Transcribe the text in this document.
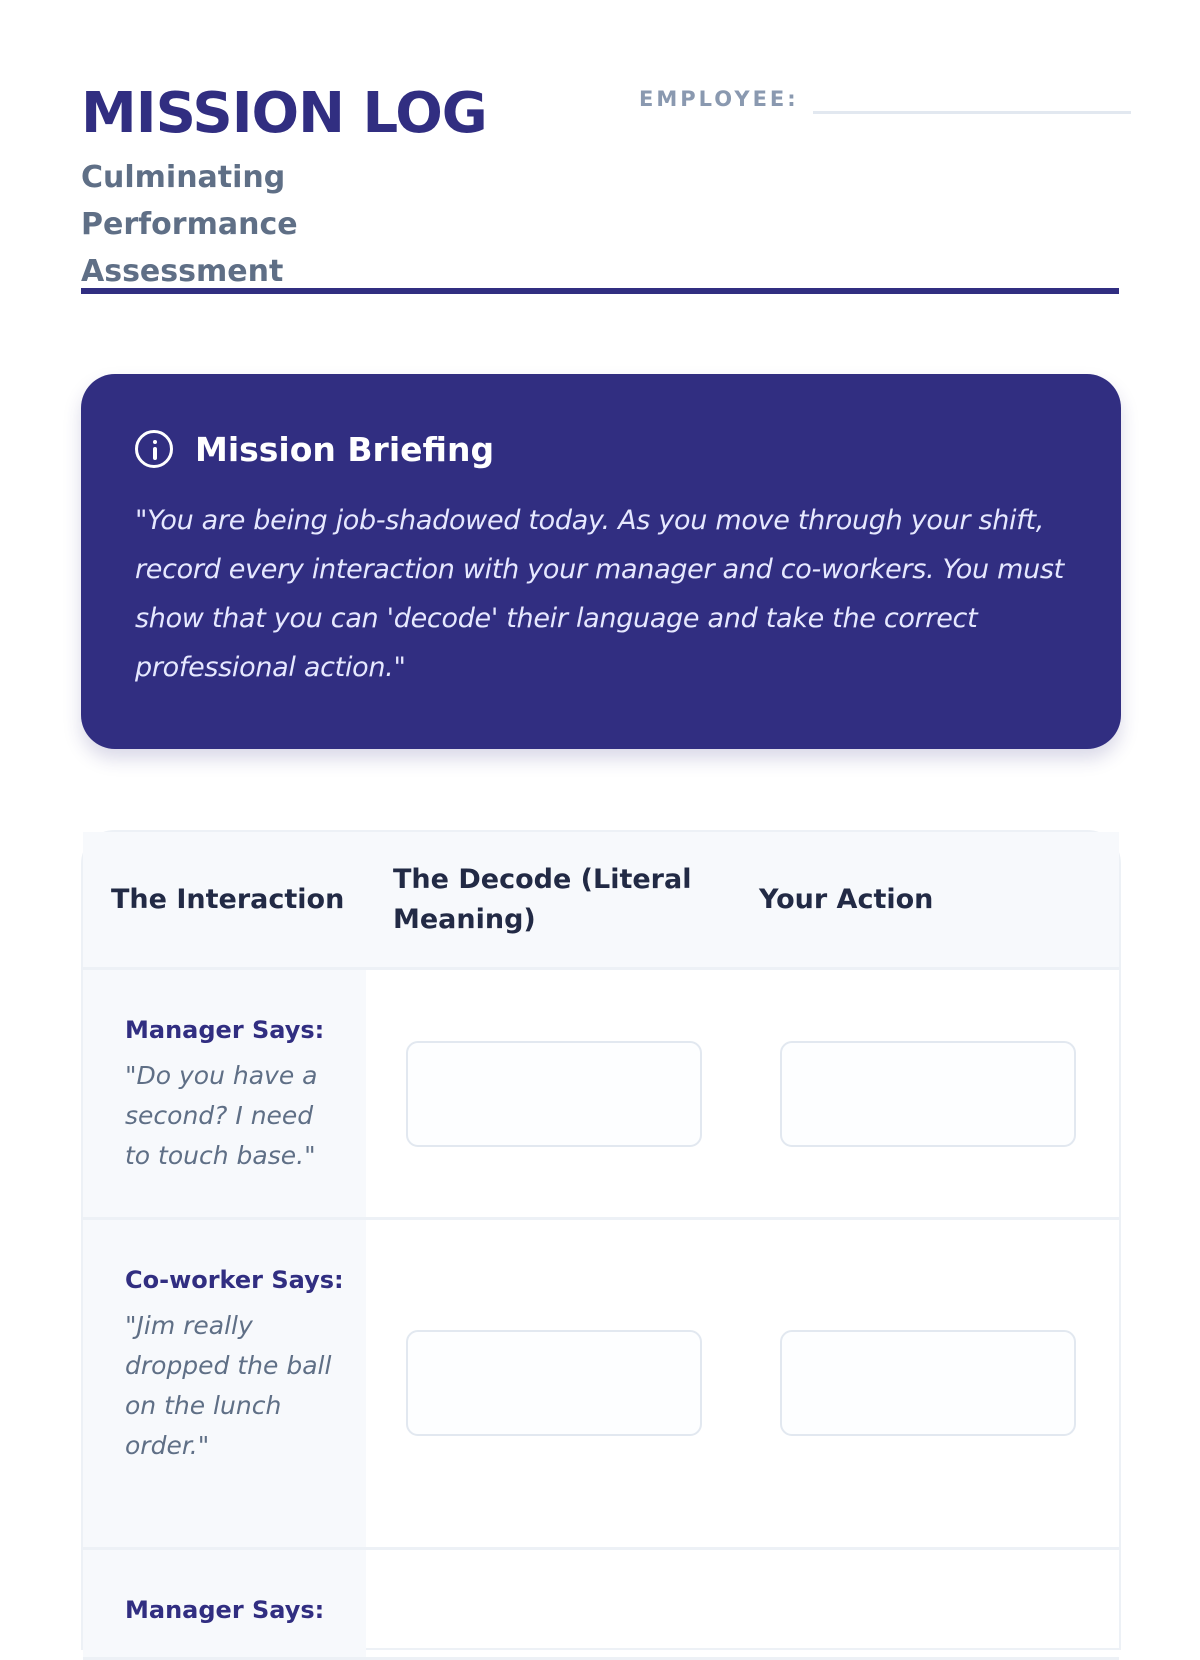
MISSION LOG
Culminating Performance Assessment
EMPLOYEE:
Mission Briefing

"You are being job-shadowed today. As you move through your shift, record every interaction with your manager and co-workers. You must show that you can 'decode' their language and take the correct professional action."

The Interaction
The Decode (Literal Meaning)
Your Action
Manager Says:
"Do you have a second? I need to touch base."
Co-worker Says:
"Jim really dropped the ball on the lunch order."
Manager Says:
